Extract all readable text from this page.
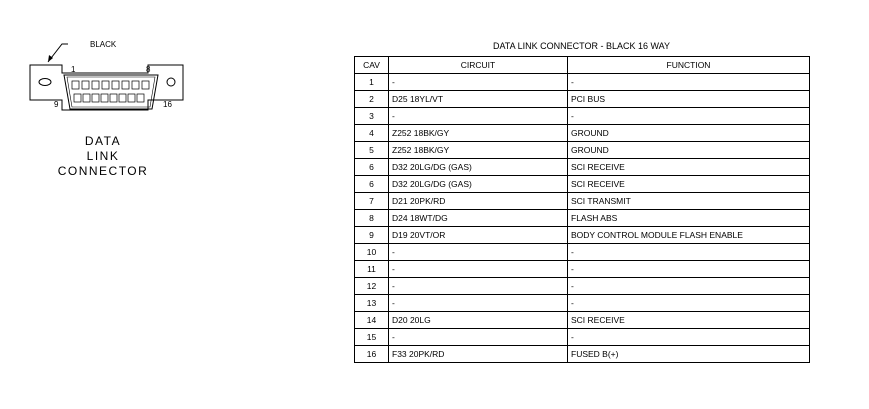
BLACK
1	8
9	16
DATA
LINK
CONNECTOR
DATA LINK CONNECTOR - BLACK 16 WAY
CAV	CIRCUIT	FUNCTION
1	-	-
2	D25 18YL/VT	PCI BUS
3	-	-
4	Z252 18BK/GY	GROUND
5	Z252 18BK/GY	GROUND
6	D32 20LG/DG (GAS)	SCI RECEIVE
6	D32 20LG/DG (GAS)	SCI RECEIVE
7	D21 20PK/RD	SCI TRANSMIT
8	D24 18WT/DG	FLASH ABS
9	D19 20VT/OR	BODY CONTROL MODULE FLASH ENABLE
10	-	-
11	-	-
12	-	-
13	-	-
14	D20 20LG	SCI RECEIVE
15	-	-
16	F33 20PK/RD	FUSED B(+)
